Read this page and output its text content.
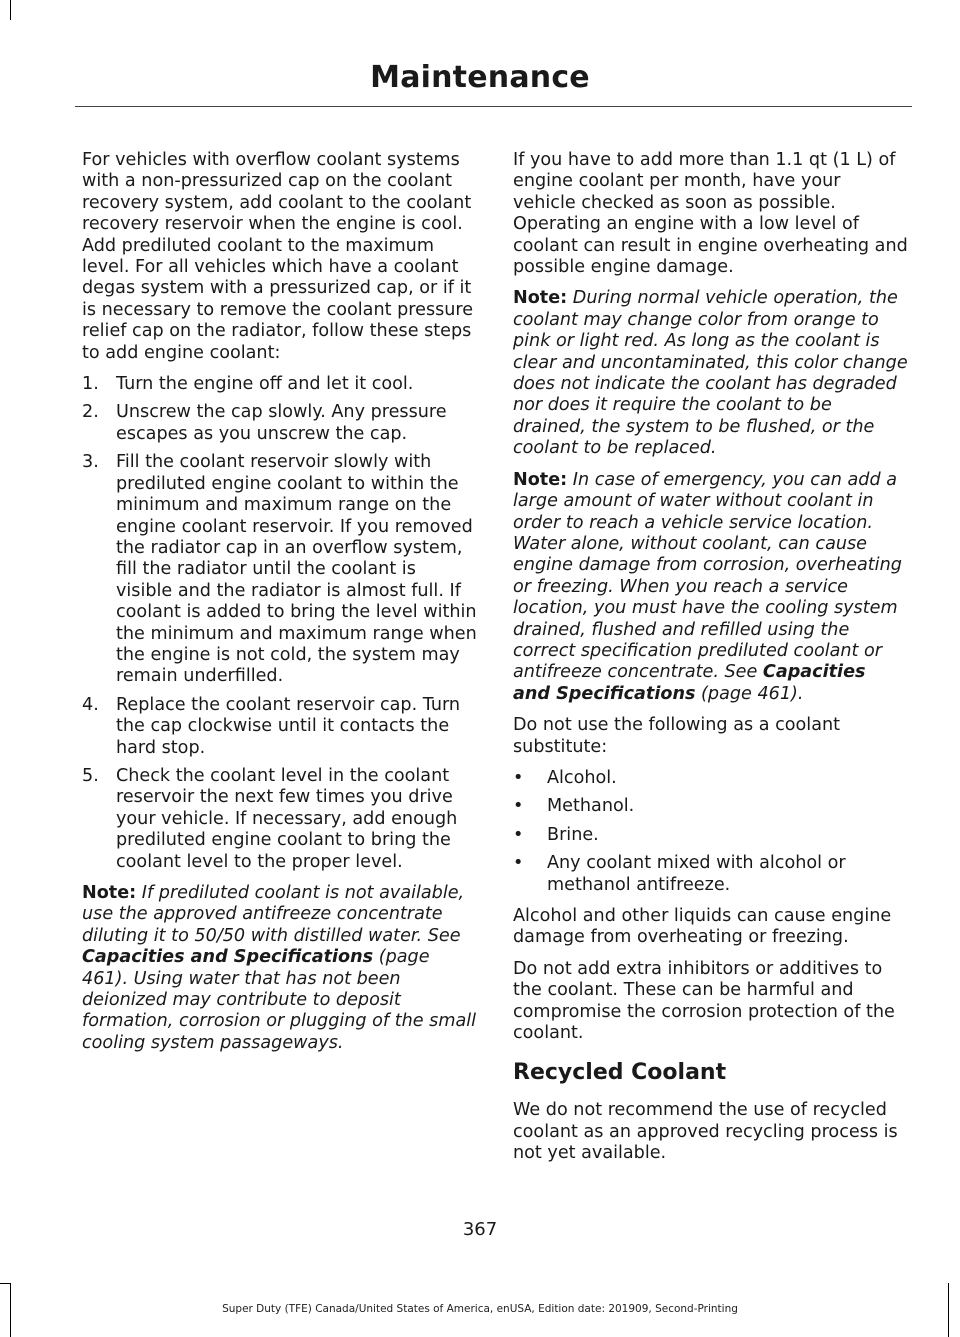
Maintenance

For vehicles with overflow coolant systems with a non-pressurized cap on the coolant recovery system, add coolant to the coolant recovery reservoir when the engine is cool. Add prediluted coolant to the maximum level. For all vehicles which have a coolant degas system with a pressurized cap, or if it is necessary to remove the coolant pressure relief cap on the radiator, follow these steps to add engine coolant:

1. Turn the engine off and let it cool.
2. Unscrew the cap slowly. Any pressure escapes as you unscrew the cap.
3. Fill the coolant reservoir slowly with prediluted engine coolant to within the minimum and maximum range on the engine coolant reservoir. If you removed the radiator cap in an overflow system, fill the radiator until the coolant is visible and the radiator is almost full. If coolant is added to bring the level within the minimum and maximum range when the engine is not cold, the system may remain underfilled.
4. Replace the coolant reservoir cap. Turn the cap clockwise until it contacts the hard stop.
5. Check the coolant level in the coolant reservoir the next few times you drive your vehicle. If necessary, add enough prediluted engine coolant to bring the coolant level to the proper level.

Note: If prediluted coolant is not available, use the approved antifreeze concentrate diluting it to 50/50 with distilled water. See Capacities and Specifications (page 461). Using water that has not been deionized may contribute to deposit formation, corrosion or plugging of the small cooling system passageways.

If you have to add more than 1.1 qt (1 L) of engine coolant per month, have your vehicle checked as soon as possible. Operating an engine with a low level of coolant can result in engine overheating and possible engine damage.

Note: During normal vehicle operation, the coolant may change color from orange to pink or light red. As long as the coolant is clear and uncontaminated, this color change does not indicate the coolant has degraded nor does it require the coolant to be drained, the system to be flushed, or the coolant to be replaced.

Note: In case of emergency, you can add a large amount of water without coolant in order to reach a vehicle service location. Water alone, without coolant, can cause engine damage from corrosion, overheating or freezing. When you reach a service location, you must have the cooling system drained, flushed and refilled using the correct specification prediluted coolant or antifreeze concentrate. See Capacities and Specifications (page 461).

Do not use the following as a coolant substitute:

• Alcohol.
• Methanol.
• Brine.
• Any coolant mixed with alcohol or methanol antifreeze.

Alcohol and other liquids can cause engine damage from overheating or freezing.

Do not add extra inhibitors or additives to the coolant. These can be harmful and compromise the corrosion protection of the coolant.

Recycled Coolant

We do not recommend the use of recycled coolant as an approved recycling process is not yet available.

367
Super Duty (TFE) Canada/United States of America, enUSA, Edition date: 201909, Second-Printing
